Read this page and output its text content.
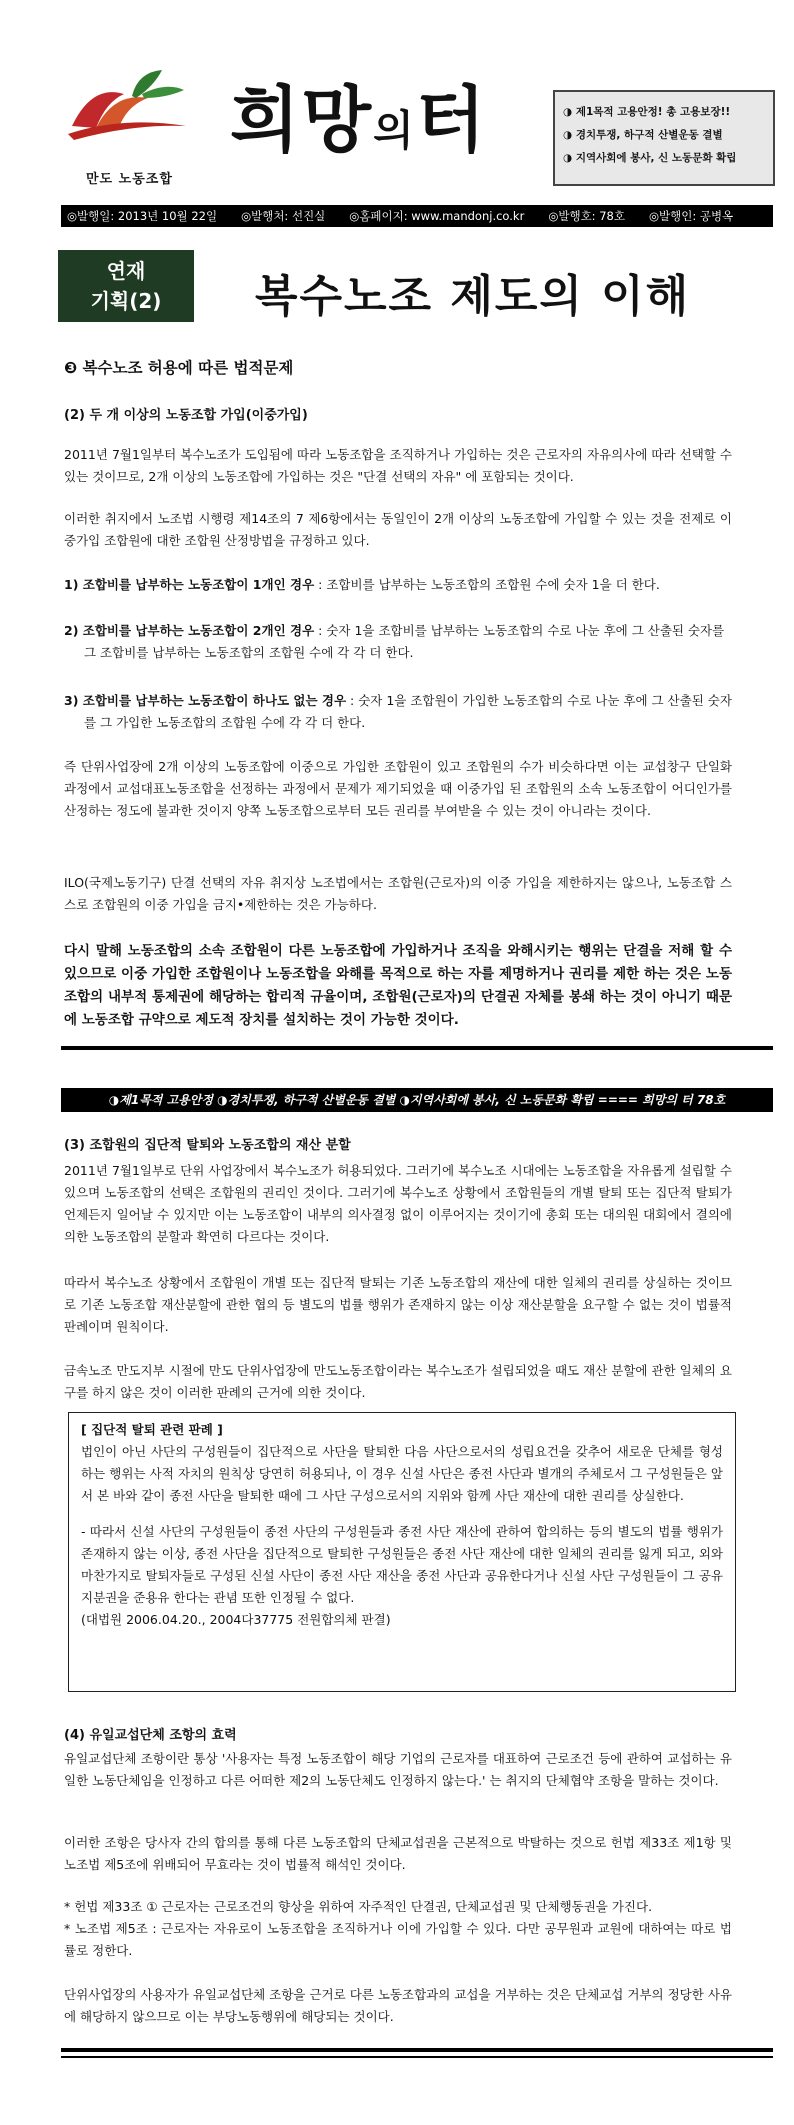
만도 노동조합
희망의터	◑ 제1목적 고용안정! 총 고용보장!!
◑ 경치투쟁, 하구적 산별운동 결별
◑ 지역사회에 봉사, 신 노동문화 확립
◎발행일: 2013년 10월 22일 ◎발행처: 선진실 ◎홈페이지: www.mandonj.co.kr ◎발행호: 78호 ◎발행인: 공병옥
연재
기획(2)	복수노조 제도의 이해
❸ 복수노조 허용에 따른 법적문제
(2) 두 개 이상의 노동조합 가입(이중가입)

2011년 7월1일부터 복수노조가 도입됨에 따라 노동조합을 조직하거나 가입하는 것은 근로자의 자유의사에 따라 선택할 수 있는 것이므로, 2개 이상의 노동조합에 가입하는 것은 "단결 선택의 자유" 에 포함되는 것이다.

이러한 취지에서 노조법 시행령 제14조의 7 제6항에서는 동일인이 2개 이상의 노동조합에 가입할 수 있는 것을 전제로 이중가입 조합원에 대한 조합원 산정방법을 규정하고 있다.

1) 조합비를 납부하는 노동조합이 1개인 경우 : 조합비를 납부하는 노동조합의 조합원 수에 숫자 1을 더 한다.
2) 조합비를 납부하는 노동조합이 2개인 경우 : 숫자 1을 조합비를 납부하는 노동조합의 수로 나눈 후에 그 산출된 숫자를 그 조합비를 납부하는 노동조합의 조합원 수에 각 각 더 한다.
3) 조합비를 납부하는 노동조합이 하나도 없는 경우 : 숫자 1을 조합원이 가입한 노동조합의 수로 나눈 후에 그 산출된 숫자를 그 가입한 노동조합의 조합원 수에 각 각 더 한다.

즉 단위사업장에 2개 이상의 노동조합에 이중으로 가입한 조합원이 있고 조합원의 수가 비슷하다면 이는 교섭창구 단일화 과정에서 교섭대표노동조합을 선정하는 과정에서 문제가 제기되었을 때 이중가입 된 조합원의 소속 노동조합이 어디인가를 산정하는 정도에 불과한 것이지 양쪽 노동조합으로부터 모든 권리를 부여받을 수 있는 것이 아니라는 것이다.

ILO(국제노동기구) 단결 선택의 자유 취지상 노조법에서는 조합원(근로자)의 이중 가입을 제한하지는 않으나, 노동조합 스스로 조합원의 이중 가입을 금지•제한하는 것은 가능하다.

다시 말해 노동조합의 소속 조합원이 다른 노동조합에 가입하거나 조직을 와해시키는 행위는 단결을 저해 할 수 있으므로 이중 가입한 조합원이나 노동조합을 와해를 목적으로 하는 자를 제명하거나 권리를 제한 하는 것은 노동조합의 내부적 통제권에 해당하는 합리적 규율이며, 조합원(근로자)의 단결권 자체를 봉쇄 하는 것이 아니기 때문에 노동조합 규약으로 제도적 장치를 설치하는 것이 가능한 것이다.

◑제1목적 고용안정 ◑경치투쟁, 하구적 산별운동 결별 ◑지역사회에 봉사, 신 노동문화 확립 ==== 희망의 터 78호
(3) 조합원의 집단적 탈퇴와 노동조합의 재산 분할

2011년 7월1일부로 단위 사업장에서 복수노조가 허용되었다. 그러기에 복수노조 시대에는 노동조합을 자유롭게 설립할 수 있으며 노동조합의 선택은 조합원의 권리인 것이다. 그러기에 복수노조 상황에서 조합원들의 개별 탈퇴 또는 집단적 탈퇴가 언제든지 일어날 수 있지만 이는 노동조합이 내부의 의사결정 없이 이루어지는 것이기에 총회 또는 대의원 대회에서 결의에 의한 노동조합의 분할과 확연히 다르다는 것이다.

따라서 복수노조 상황에서 조합원이 개별 또는 집단적 탈퇴는 기존 노동조합의 재산에 대한 일체의 권리를 상실하는 것이므로 기존 노동조합 재산분할에 관한 협의 등 별도의 법률 행위가 존재하지 않는 이상 재산분할을 요구할 수 없는 것이 법률적 판례이며 원칙이다.

금속노조 만도지부 시절에 만도 단위사업장에 만도노동조합이라는 복수노조가 설립되었을 때도 재산 분할에 관한 일체의 요구를 하지 않은 것이 이러한 판례의 근거에 의한 것이다.

[ 집단적 탈퇴 관련 판례 ]

법인이 아닌 사단의 구성원들이 집단적으로 사단을 탈퇴한 다음 사단으로서의 성립요건을 갖추어 새로운 단체를 형성하는 행위는 사적 자치의 원칙상 당연히 허용되나, 이 경우 신설 사단은 종전 사단과 별개의 주체로서 그 구성원들은 앞서 본 바와 같이 종전 사단을 탈퇴한 때에 그 사단 구성으로서의 지위와 함께 사단 재산에 대한 권리를 상실한다.

- 따라서 신설 사단의 구성원들이 종전 사단의 구성원들과 종전 사단 재산에 관하여 합의하는 등의 별도의 법률 행위가 존재하지 않는 이상, 종전 사단을 집단적으로 탈퇴한 구성원들은 종전 사단 재산에 대한 일체의 권리를 잃게 되고, 외와 마찬가지로 탈퇴자들로 구성된 신설 사단이 종전 사단 재산을 종전 사단과 공유한다거나 신설 사단 구성원들이 그 공유지분권을 준용유 한다는 관념 또한 인정될 수 없다.

(대법원 2006.04.20., 2004다37775 전원합의체 판결)

(4) 유일교섭단체 조항의 효력

유일교섭단체 조항이란 통상 '사용자는 특정 노동조합이 해당 기업의 근로자를 대표하여 근로조건 등에 관하여 교섭하는 유일한 노동단체임을 인정하고 다른 어떠한 제2의 노동단체도 인정하지 않는다.' 는 취지의 단체협약 조항을 말하는 것이다.

이러한 조항은 당사자 간의 합의를 통해 다른 노동조합의 단체교섭권을 근본적으로 박탈하는 것으로 헌법 제33조 제1항 및 노조법 제5조에 위배되어 무효라는 것이 법률적 해석인 것이다.

* 헌법 제33조 ① 근로자는 근로조건의 향상을 위하여 자주적인 단결권, 단체교섭권 및 단체행동권을 가진다.

* 노조법 제5조 : 근로자는 자유로이 노동조합을 조직하거나 이에 가입할 수 있다. 다만 공무원과 교원에 대하여는 따로 법률로 정한다.

단위사업장의 사용자가 유일교섭단체 조항을 근거로 다른 노동조합과의 교섭을 거부하는 것은 단체교섭 거부의 정당한 사유에 해당하지 않으므로 이는 부당노동행위에 해당되는 것이다.
